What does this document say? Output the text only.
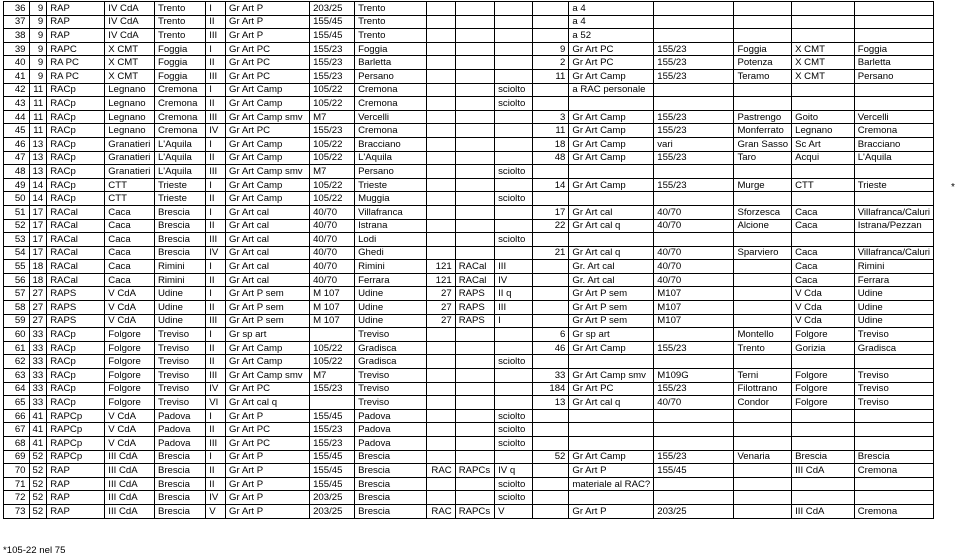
36	9	RAP	IV CdA	Trento	I	Gr Art P	203/25	Trento					a 4				
37	9	RAP	IV CdA	Trento	II	Gr Art P	155/45	Trento					a 4				
38	9	RAP	IV CdA	Trento	III	Gr Art P	155/45	Trento					a 52				
39	9	RAPC	X CMT	Foggia	I	Gr Art PC	155/23	Foggia				9	Gr Art PC	155/23	Foggia	X CMT	Foggia
40	9	RA PC	X CMT	Foggia	II	Gr Art PC	155/23	Barletta				2	Gr Art PC	155/23	Potenza	X CMT	Barletta
41	9	RA PC	X CMT	Foggia	III	Gr Art PC	155/23	Persano				11	Gr Art Camp	155/23	Teramo	X CMT	Persano
42	11	RACp	Legnano	Cremona	I	Gr Art Camp	105/22	Cremona			sciolto		a RAC personale				
43	11	RACp	Legnano	Cremona	II	Gr Art Camp	105/22	Cremona			sciolto						
44	11	RACp	Legnano	Cremona	III	Gr Art Camp smv	M7	Vercelli				3	Gr Art Camp	155/23	Pastrengo	Goito	Vercelli
45	11	RACp	Legnano	Cremona	IV	Gr Art PC	155/23	Cremona				11	Gr Art Camp	155/23	Monferrato	Legnano	Cremona
46	13	RACp	Granatieri	L'Aquila	I	Gr Art Camp	105/22	Bracciano				18	Gr Art Camp	vari	Gran Sasso	Sc Art	Bracciano
47	13	RACp	Granatieri	L'Aquila	II	Gr Art Camp	105/22	L'Aquila				48	Gr Art Camp	155/23	Taro	Acqui	L'Aquila
48	13	RACp	Granatieri	L'Aquila	III	Gr Art Camp smv	M7	Persano			sciolto						
49	14	RACp	CTT	Trieste	I	Gr Art Camp	105/22	Trieste				14	Gr Art Camp	155/23	Murge	CTT	Trieste
50	14	RACp	CTT	Trieste	II	Gr Art Camp	105/22	Muggia			sciolto						
51	17	RACal	Caca	Brescia	I	Gr Art cal	40/70	Villafranca				17	Gr Art cal	40/70	Sforzesca	Caca	Villafranca/Caluri
52	17	RACal	Caca	Brescia	II	Gr Art cal	40/70	Istrana				22	Gr Art cal q	40/70	Alcione	Caca	Istrana/Pezzan
53	17	RACal	Caca	Brescia	III	Gr Art cal	40/70	Lodi			sciolto						
54	17	RACal	Caca	Brescia	IV	Gr Art cal	40/70	Ghedi				21	Gr Art cal q	40/70	Sparviero	Caca	Villafranca/Caluri
55	18	RACal	Caca	Rimini	I	Gr Art cal	40/70	Rimini	121	RACal	III		Gr. Art cal	40/70		Caca	Rimini
56	18	RACal	Caca	Rimini	II	Gr Art cal	40/70	Ferrara	121	RACal	IV		Gr. Art cal	40/70		Caca	Ferrara
57	27	RAPS	V CdA	Udine	I	Gr Art P sem	M 107	Udine	27	RAPS	II q		Gr Art P sem	M107		V Cda	Udine
58	27	RAPS	V CdA	Udine	II	Gr Art P sem	M 107	Udine	27	RAPS	III		Gr Art P sem	M107		V Cda	Udine
59	27	RAPS	V CdA	Udine	III	Gr Art P sem	M 107	Udine	27	RAPS	I		Gr Art P sem	M107		V Cda	Udine
60	33	RACp	Folgore	Treviso	I	Gr sp art		Treviso				6	Gr sp art		Montello	Folgore	Treviso
61	33	RACp	Folgore	Treviso	II	Gr Art Camp	105/22	Gradisca				46	Gr Art Camp	155/23	Trento	Gorizia	Gradisca
62	33	RACp	Folgore	Treviso	II	Gr Art Camp	105/22	Gradisca			sciolto						
63	33	RACp	Folgore	Treviso	III	Gr Art Camp smv	M7	Treviso				33	Gr Art Camp smv	M109G	Terni	Folgore	Treviso
64	33	RACp	Folgore	Treviso	IV	Gr Art PC	155/23	Treviso				184	Gr Art PC	155/23	Filottrano	Folgore	Treviso
65	33	RACp	Folgore	Treviso	VI	Gr Art cal q		Treviso				13	Gr Art cal q	40/70	Condor	Folgore	Treviso
66	41	RAPCp	V CdA	Padova	I	Gr Art P	155/45	Padova			sciolto						
67	41	RAPCp	V CdA	Padova	II	Gr Art PC	155/23	Padova			sciolto						
68	41	RAPCp	V CdA	Padova	III	Gr Art PC	155/23	Padova			sciolto						
69	52	RAPCp	III CdA	Brescia	I	Gr Art P	155/45	Brescia				52	Gr Art Camp	155/23	Venaria	Brescia	Brescia
70	52	RAP	III CdA	Brescia	II	Gr Art P	155/45	Brescia	RAC	RAPCs	IV q		Gr Art P	155/45		III CdA	Cremona
71	52	RAP	III CdA	Brescia	II	Gr Art P	155/45	Brescia			sciolto		materiale al RAC?				
72	52	RAP	III CdA	Brescia	IV	Gr Art P	203/25	Brescia			sciolto						
73	52	RAP	III CdA	Brescia	V	Gr Art P	203/25	Brescia	RAC	RAPCs	V		Gr Art P	203/25		III CdA	Cremona
*
*105-22 nel 75
